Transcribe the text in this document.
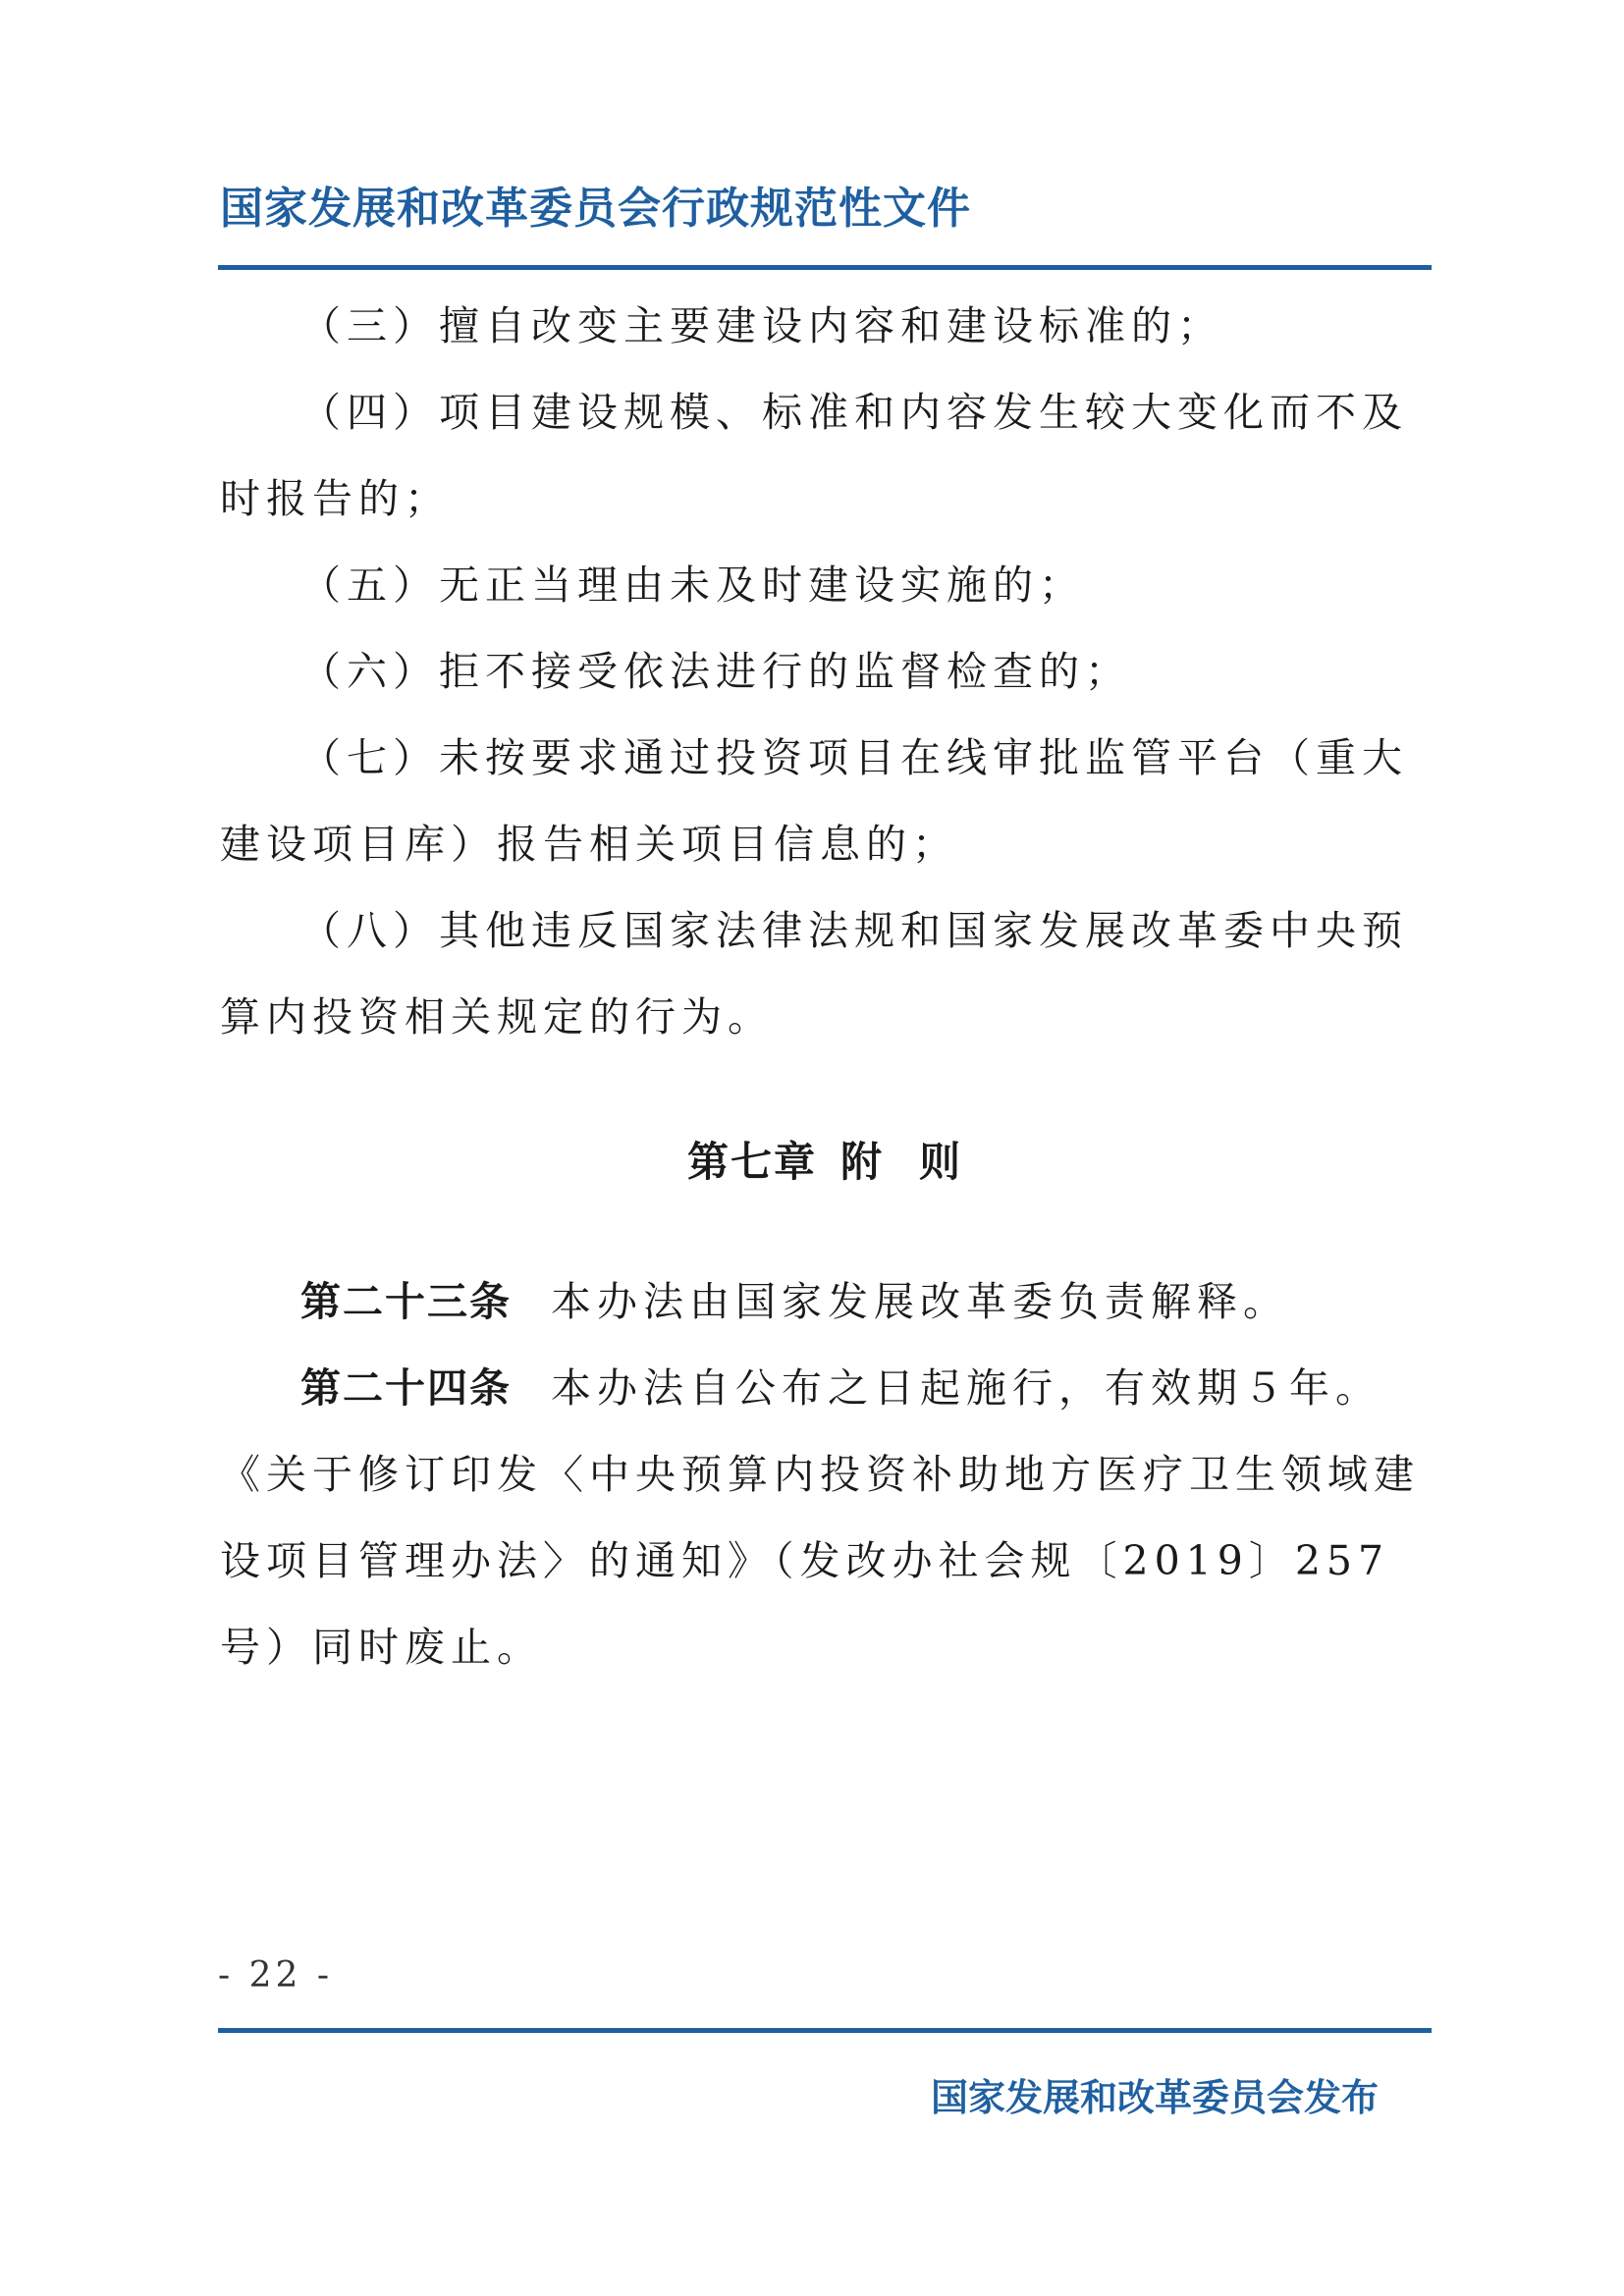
国家发展和改革委员会行政规范性文件

（三）擅自改变主要建设内容和建设标准的；

（四）项目建设规模、标准和内容发生较大变化而不及时报告的；

（五）无正当理由未及时建设实施的；

（六）拒不接受依法进行的监督检查的；

（七）未按要求通过投资项目在线审批监管平台（重大建设项目库）报告相关项目信息的；

（八）其他违反国家法律法规和国家发展改革委中央预算内投资相关规定的行为。

第七章 附 则

第二十三条 本办法由国家发展改革委负责解释。

第二十四条 本办法自公布之日起施行，有效期５年。《关于修订印发〈中央预算内投资补助地方医疗卫生领域建设项目管理办法〉的通知》（发改办社会规〔2019〕257号）同时废止。

- 22 -
国家发展和改革委员会发布
